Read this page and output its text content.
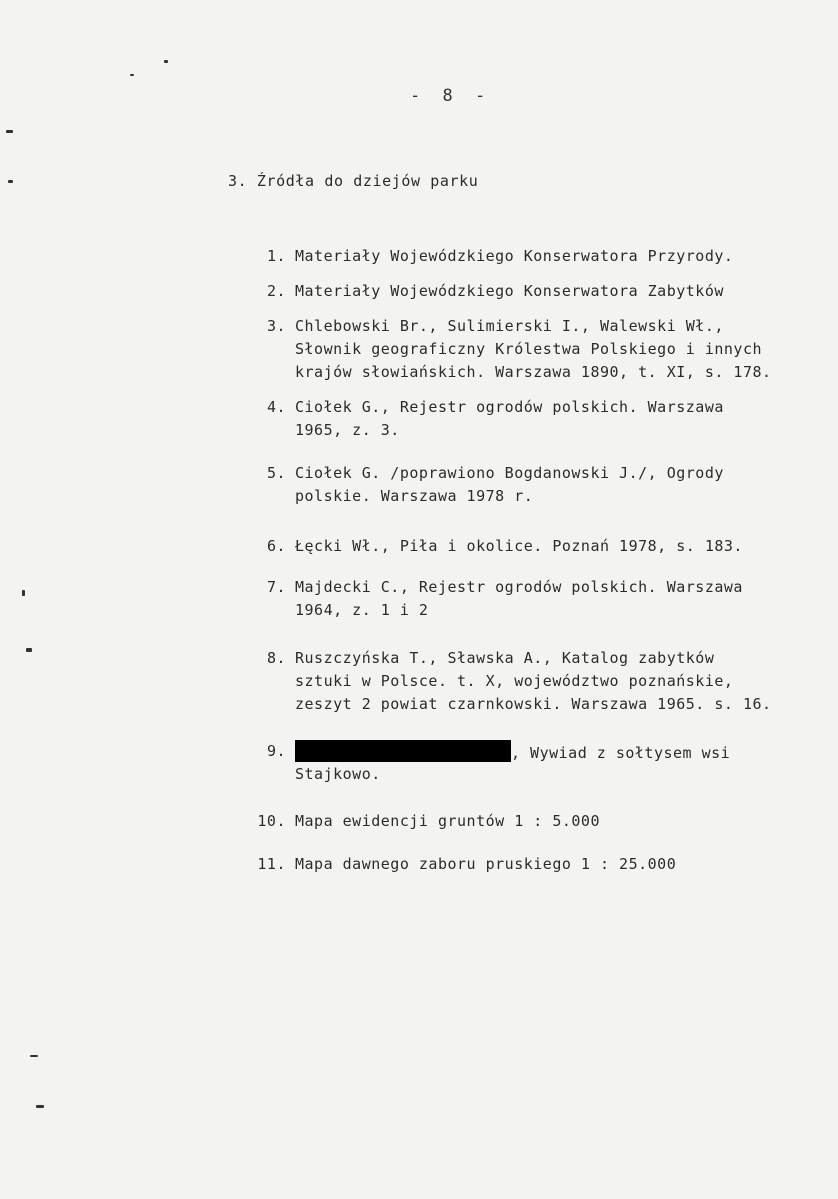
- 8 -
3. Źródła do dziejów parku
1. Materiały Wojewódzkiego Konserwatora Przyrody.
2. Materiały Wojewódzkiego Konserwatora Zabytków
3. Chlebowski Br., Sulimierski I., Walewski Wł.,
Słownik geograficzny Królestwa Polskiego i innych
krajów słowiańskich. Warszawa 1890, t. XI, s. 178.
4. Ciołek G., Rejestr ogrodów polskich. Warszawa
1965, z. 3.
5. Ciołek G. /poprawiono Bogdanowski J./, Ogrody
polskie. Warszawa 1978 r.
6. Łęcki Wł., Piła i okolice. Poznań 1978, s. 183.
7. Majdecki C., Rejestr ogrodów polskich. Warszawa
1964, z. 1 i 2
8. Ruszczyńska T., Sławska A., Katalog zabytków
sztuki w Polsce. t. X, województwo poznańskie,
zeszyt 2 powiat czarnkowski. Warszawa 1965. s. 16.
9.	, Wywiad z sołtysem wsi
Stajkowo.
10. Mapa ewidencji gruntów 1 : 5.000
11. Mapa dawnego zaboru pruskiego 1 : 25.000
